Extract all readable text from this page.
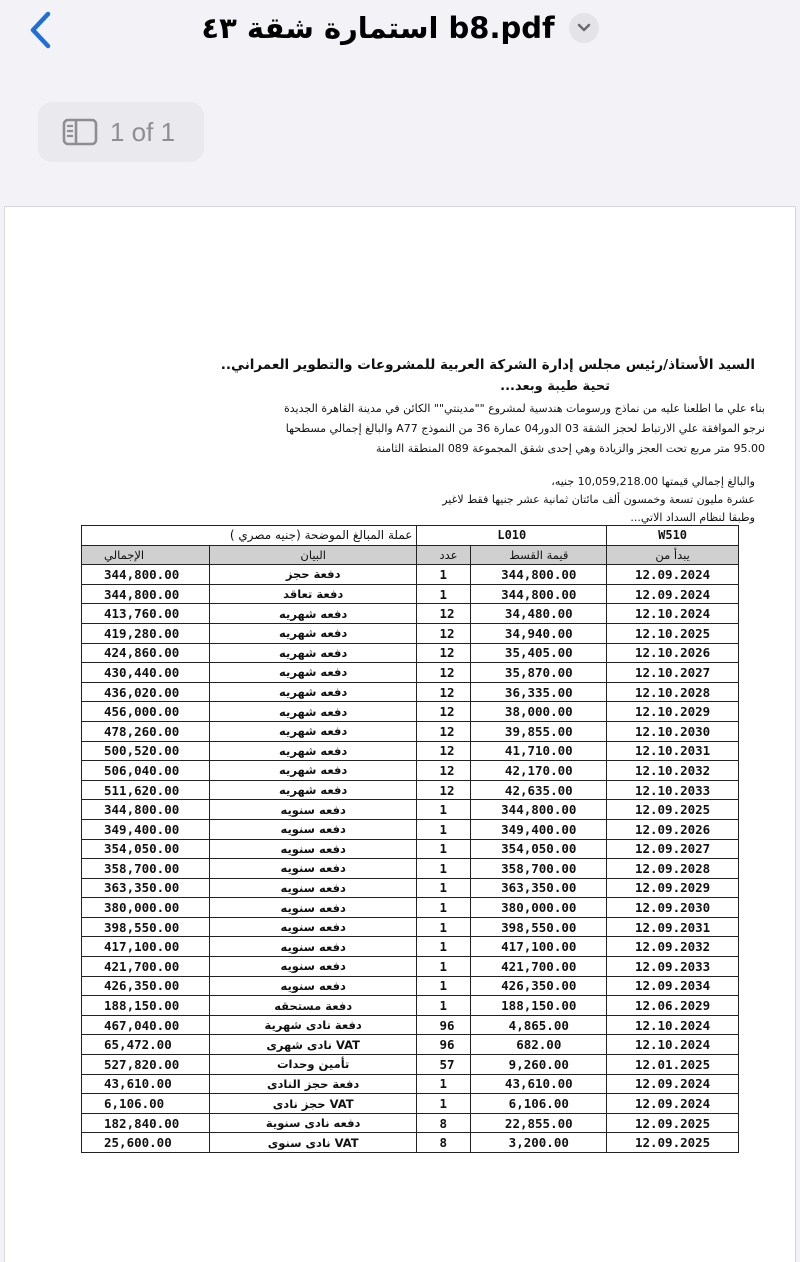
استمارة شقة ٤٣ b8.pdf
1 of 1
السيد الأستاذ/رئيس مجلس إدارة الشركة العربية للمشروعات والتطوير العمراني..
تحية طيبة وبعد...
بناء علي ما اطلعنا عليه من نماذج ورسومات هندسية لمشروع ""مدينتي"" الكائن في مدينة القاهرة الجديدة
نرجو الموافقة علي الارتباط لحجز الشقة 03 الدور04 عمارة 36 من النموذج A77 والبالغ إجمالي مسطحها
95.00 متر مربع تحت العجز والزيادة وهي إحدى شقق المجموعة 089 المنطقة الثامنة
والبالغ إجمالي قيمتها 10,059,218.00 جنيه،
عشرة مليون تسعة وخمسون ألف مائتان ثمانية عشر جنيها فقط لاغير
وطبقا لنظام السداد الاتي...
عملة المبالغ الموضحة (جنيه مصري )		L010		W510
الإجمالي	البيان	عدد	قيمة القسط	يبدأ من
344,800.00	دفعة حجز	1	344,800.00	12.09.2024
344,800.00	دفعة تعاقد	1	344,800.00	12.09.2024
413,760.00	دفعه شهريه	12	34,480.00	12.10.2024
419,280.00	دفعه شهريه	12	34,940.00	12.10.2025
424,860.00	دفعه شهريه	12	35,405.00	12.10.2026
430,440.00	دفعه شهريه	12	35,870.00	12.10.2027
436,020.00	دفعه شهريه	12	36,335.00	12.10.2028
456,000.00	دفعه شهريه	12	38,000.00	12.10.2029
478,260.00	دفعه شهريه	12	39,855.00	12.10.2030
500,520.00	دفعه شهريه	12	41,710.00	12.10.2031
506,040.00	دفعه شهريه	12	42,170.00	12.10.2032
511,620.00	دفعه شهريه	12	42,635.00	12.10.2033
344,800.00	دفعه سنويه	1	344,800.00	12.09.2025
349,400.00	دفعه سنويه	1	349,400.00	12.09.2026
354,050.00	دفعه سنويه	1	354,050.00	12.09.2027
358,700.00	دفعه سنويه	1	358,700.00	12.09.2028
363,350.00	دفعه سنويه	1	363,350.00	12.09.2029
380,000.00	دفعه سنويه	1	380,000.00	12.09.2030
398,550.00	دفعه سنويه	1	398,550.00	12.09.2031
417,100.00	دفعه سنويه	1	417,100.00	12.09.2032
421,700.00	دفعه سنويه	1	421,700.00	12.09.2033
426,350.00	دفعه سنويه	1	426,350.00	12.09.2034
188,150.00	دفعة مستحقه	1	188,150.00	12.06.2029
467,040.00	دفعة نادى شهرية	96	4,865.00	12.10.2024
65,472.00	VAT نادى شهرى	96	682.00	12.10.2024
527,820.00	تأمين وحدات	57	9,260.00	12.01.2025
43,610.00	دفعة حجز النادى	1	43,610.00	12.09.2024
6,106.00	VAT حجز نادى	1	6,106.00	12.09.2024
182,840.00	دفعه نادى سنوية	8	22,855.00	12.09.2025
25,600.00	VAT نادى سنوى	8	3,200.00	12.09.2025
